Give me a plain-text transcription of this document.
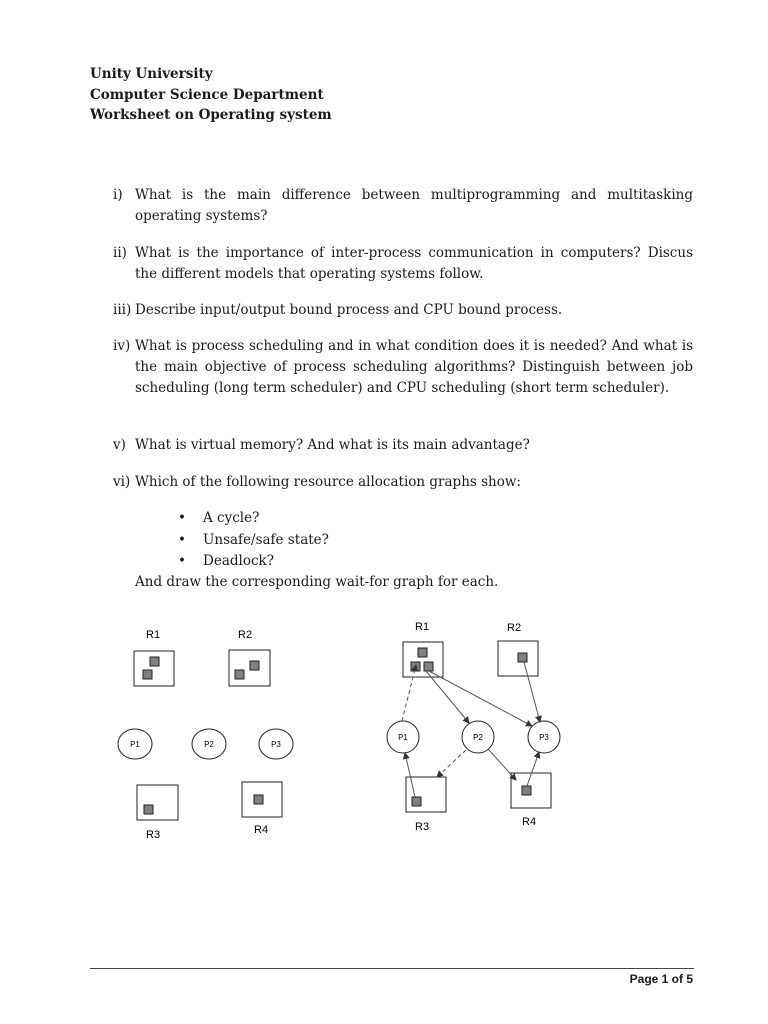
Unity University
Computer Science Department
Worksheet on Operating system
i) What is the main difference between multiprogramming and multitasking operating systems?
ii) What is the importance of inter-process communication in computers? Discus the different models that operating systems follow.
iii) Describe input/output bound process and CPU bound process.
iv) What is process scheduling and in what condition does it is needed? And what is the main objective of process scheduling algorithms? Distinguish between job scheduling (long term scheduler) and CPU scheduling (short term scheduler).
v) What is virtual memory? And what is its main advantage?
vi) Which of the following resource allocation graphs show:
• A cycle?
• Unsafe/safe state?
• Deadlock?
And draw the corresponding wait-for graph for each.
R1	R2
P1	P2	P3
R3	R4
R1	R2
P1	P2	P3
R3	R4
Page 1 of 5
